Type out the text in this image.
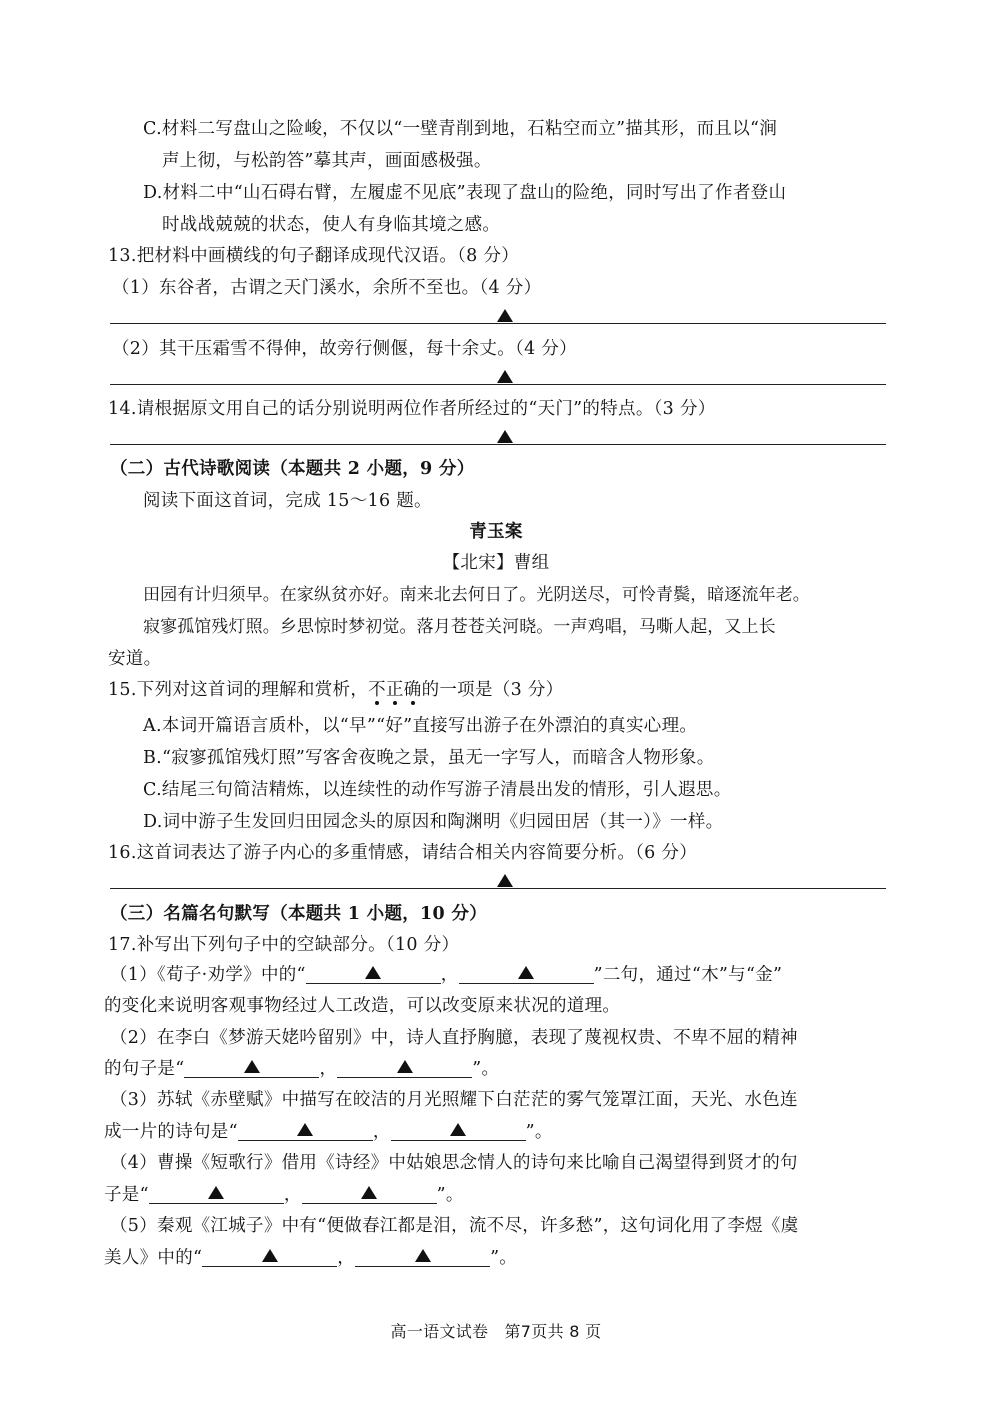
C.材料二写盘山之险峻，不仅以“一壁青削到地，石粘空而立”描其形，而且以“涧
声上彻，与松韵答”摹其声，画面感极强。
D.材料二中“山石碍右臂，左履虚不见底”表现了盘山的险绝，同时写出了作者登山
时战战兢兢的状态，使人有身临其境之感。
13.把材料中画横线的句子翻译成现代汉语。（8 分）
（1）东谷者，古谓之天门溪水，余所不至也。（4 分）
（2）其干压霜雪不得伸，故旁行侧偃，每十余丈。（4 分）
14.请根据原文用自己的话分别说明两位作者所经过的“天门”的特点。（3 分）
（二）古代诗歌阅读（本题共 2 小题，9 分）
阅读下面这首词，完成 15～16 题。
青玉案
【北宋】曹组
田园有计归须早。在家纵贫亦好。南来北去何日了。光阴送尽，可怜青鬓，暗逐流年老。
寂寥孤馆残灯照。乡思惊时梦初觉。落月苍苍关河晓。一声鸡唱，马嘶人起，又上长
安道。
15.下列对这首词的理解和赏析，不正确的一项是（3 分）
A.本词开篇语言质朴，以“早”“好”直接写出游子在外漂泊的真实心理。
B.“寂寥孤馆残灯照”写客舍夜晚之景，虽无一字写人，而暗含人物形象。
C.结尾三句简洁精炼，以连续性的动作写游子清晨出发的情形，引人遐思。
D.词中游子生发回归田园念头的原因和陶渊明《归园田居（其一）》一样。
16.这首词表达了游子内心的多重情感，请结合相关内容简要分析。（6 分）
（三）名篇名句默写（本题共 1 小题，10 分）
17.补写出下列句子中的空缺部分。（10 分）
（1）《荀子·劝学》中的“	，	”二句，通过“木”与“金”
的变化来说明客观事物经过人工改造，可以改变原来状况的道理。
（2）在李白《梦游天姥吟留别》中，诗人直抒胸臆，表现了蔑视权贵、不卑不屈的精神
的句子是“	，	”。
（3）苏轼《赤壁赋》中描写在皎洁的月光照耀下白茫茫的雾气笼罩江面，天光、水色连
成一片的诗句是“	，	”。
（4）曹操《短歌行》借用《诗经》中姑娘思念情人的诗句来比喻自己渴望得到贤才的句
子是“	，	”。
（5）秦观《江城子》中有“便做春江都是泪，流不尽，许多愁”，这句词化用了李煜《虞
美人》中的“	，	”。
高一语文试卷   第7页共 8 页
